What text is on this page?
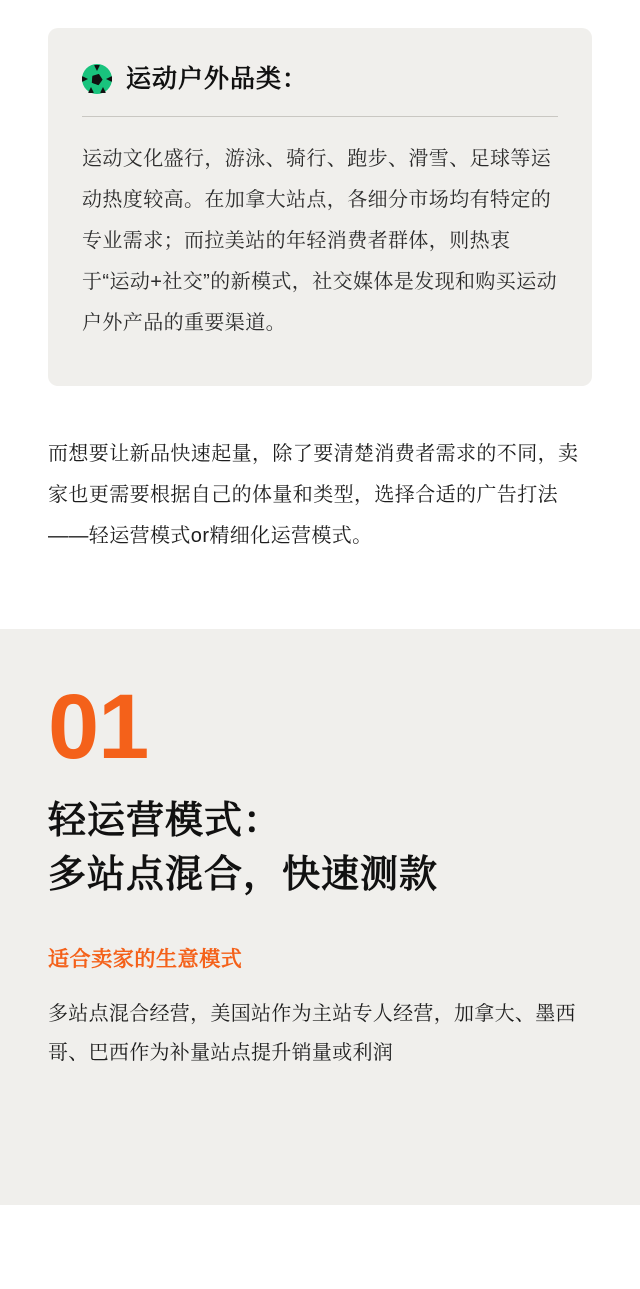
运动户外品类：
运动文化盛行，游泳、骑行、跑步、滑雪、足球等运动热度较高。在加拿大站点，各细分市场均有特定的专业需求；而拉美站的年轻消费者群体，则热衷于“运动+社交”的新模式，社交媒体是发现和购买运动户外产品的重要渠道。
而想要让新品快速起量，除了要清楚消费者需求的不同，卖家也更需要根据自己的体量和类型，选择合适的广告打法——轻运营模式or精细化运营模式。
01
轻运营模式：
多站点混合，快速测款
适合卖家的生意模式
多站点混合经营，美国站作为主站专人经营，加拿大、墨西哥、巴西作为补量站点提升销量或利润
